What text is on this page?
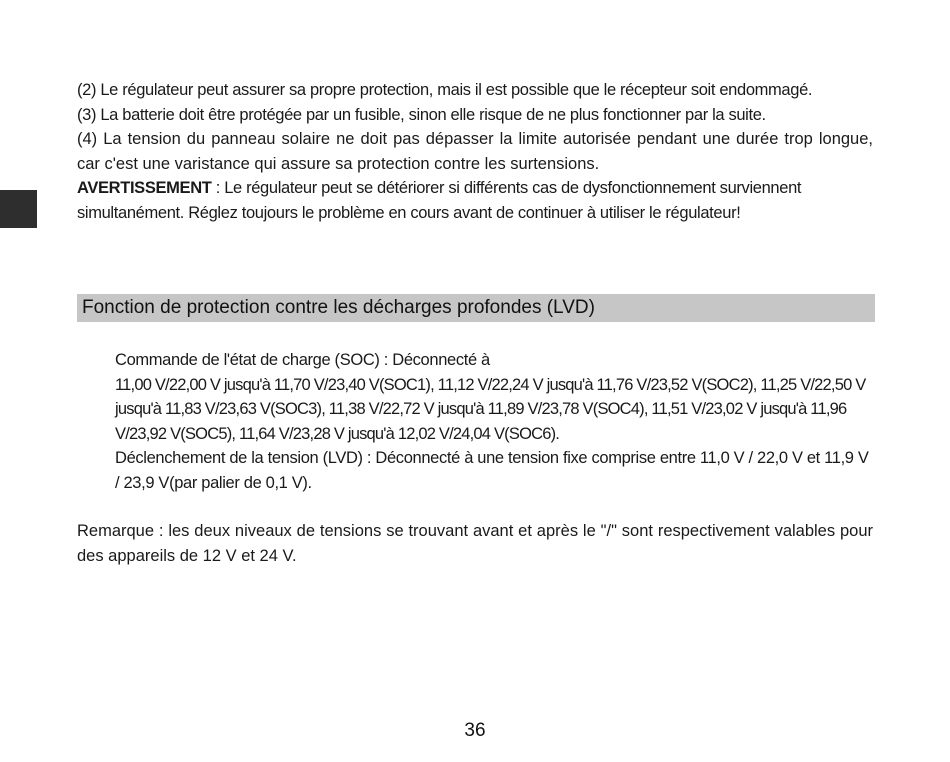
(2) Le régulateur peut assurer sa propre protection, mais il est possible que le récepteur soit endommagé.

(3) La batterie doit être protégée par un fusible, sinon elle risque de ne plus fonctionner par la suite.

(4) La tension du panneau solaire ne doit pas dépasser la limite autorisée pendant une durée trop longue, car c'est une varistance qui assure sa protection contre les surtensions.

AVERTISSEMENT : Le régulateur peut se détériorer si différents cas de dysfonctionnement surviennent simultanément. Réglez toujours le problème en cours avant de continuer à utiliser le régulateur!

Fonction de protection contre les décharges profondes (LVD)

Commande de l'état de charge (SOC) : Déconnecté à

11,00 V/22,00 V jusqu'à 11,70 V/23,40 V(SOC1), 11,12 V/22,24 V jusqu'à 11,76 V/23,52 V(SOC2), 11,25 V/22,50 V jusqu'à 11,83 V/23,63 V(SOC3), 11,38 V/22,72 V jusqu'à 11,89 V/23,78 V(SOC4), 11,51 V/23,02 V jusqu'à 11,96 V/23,92 V(SOC5), 11,64 V/23,28 V jusqu'à 12,02 V/24,04 V(SOC6).

Déclenchement de la tension (LVD) : Déconnecté à une tension fixe comprise entre 11,0 V / 22,0 V et 11,9 V / 23,9 V(par palier de 0,1 V).

Remarque : les deux niveaux de tensions se trouvant avant et après le "/" sont respectivement valables pour des appareils de 12 V et 24 V.

36
